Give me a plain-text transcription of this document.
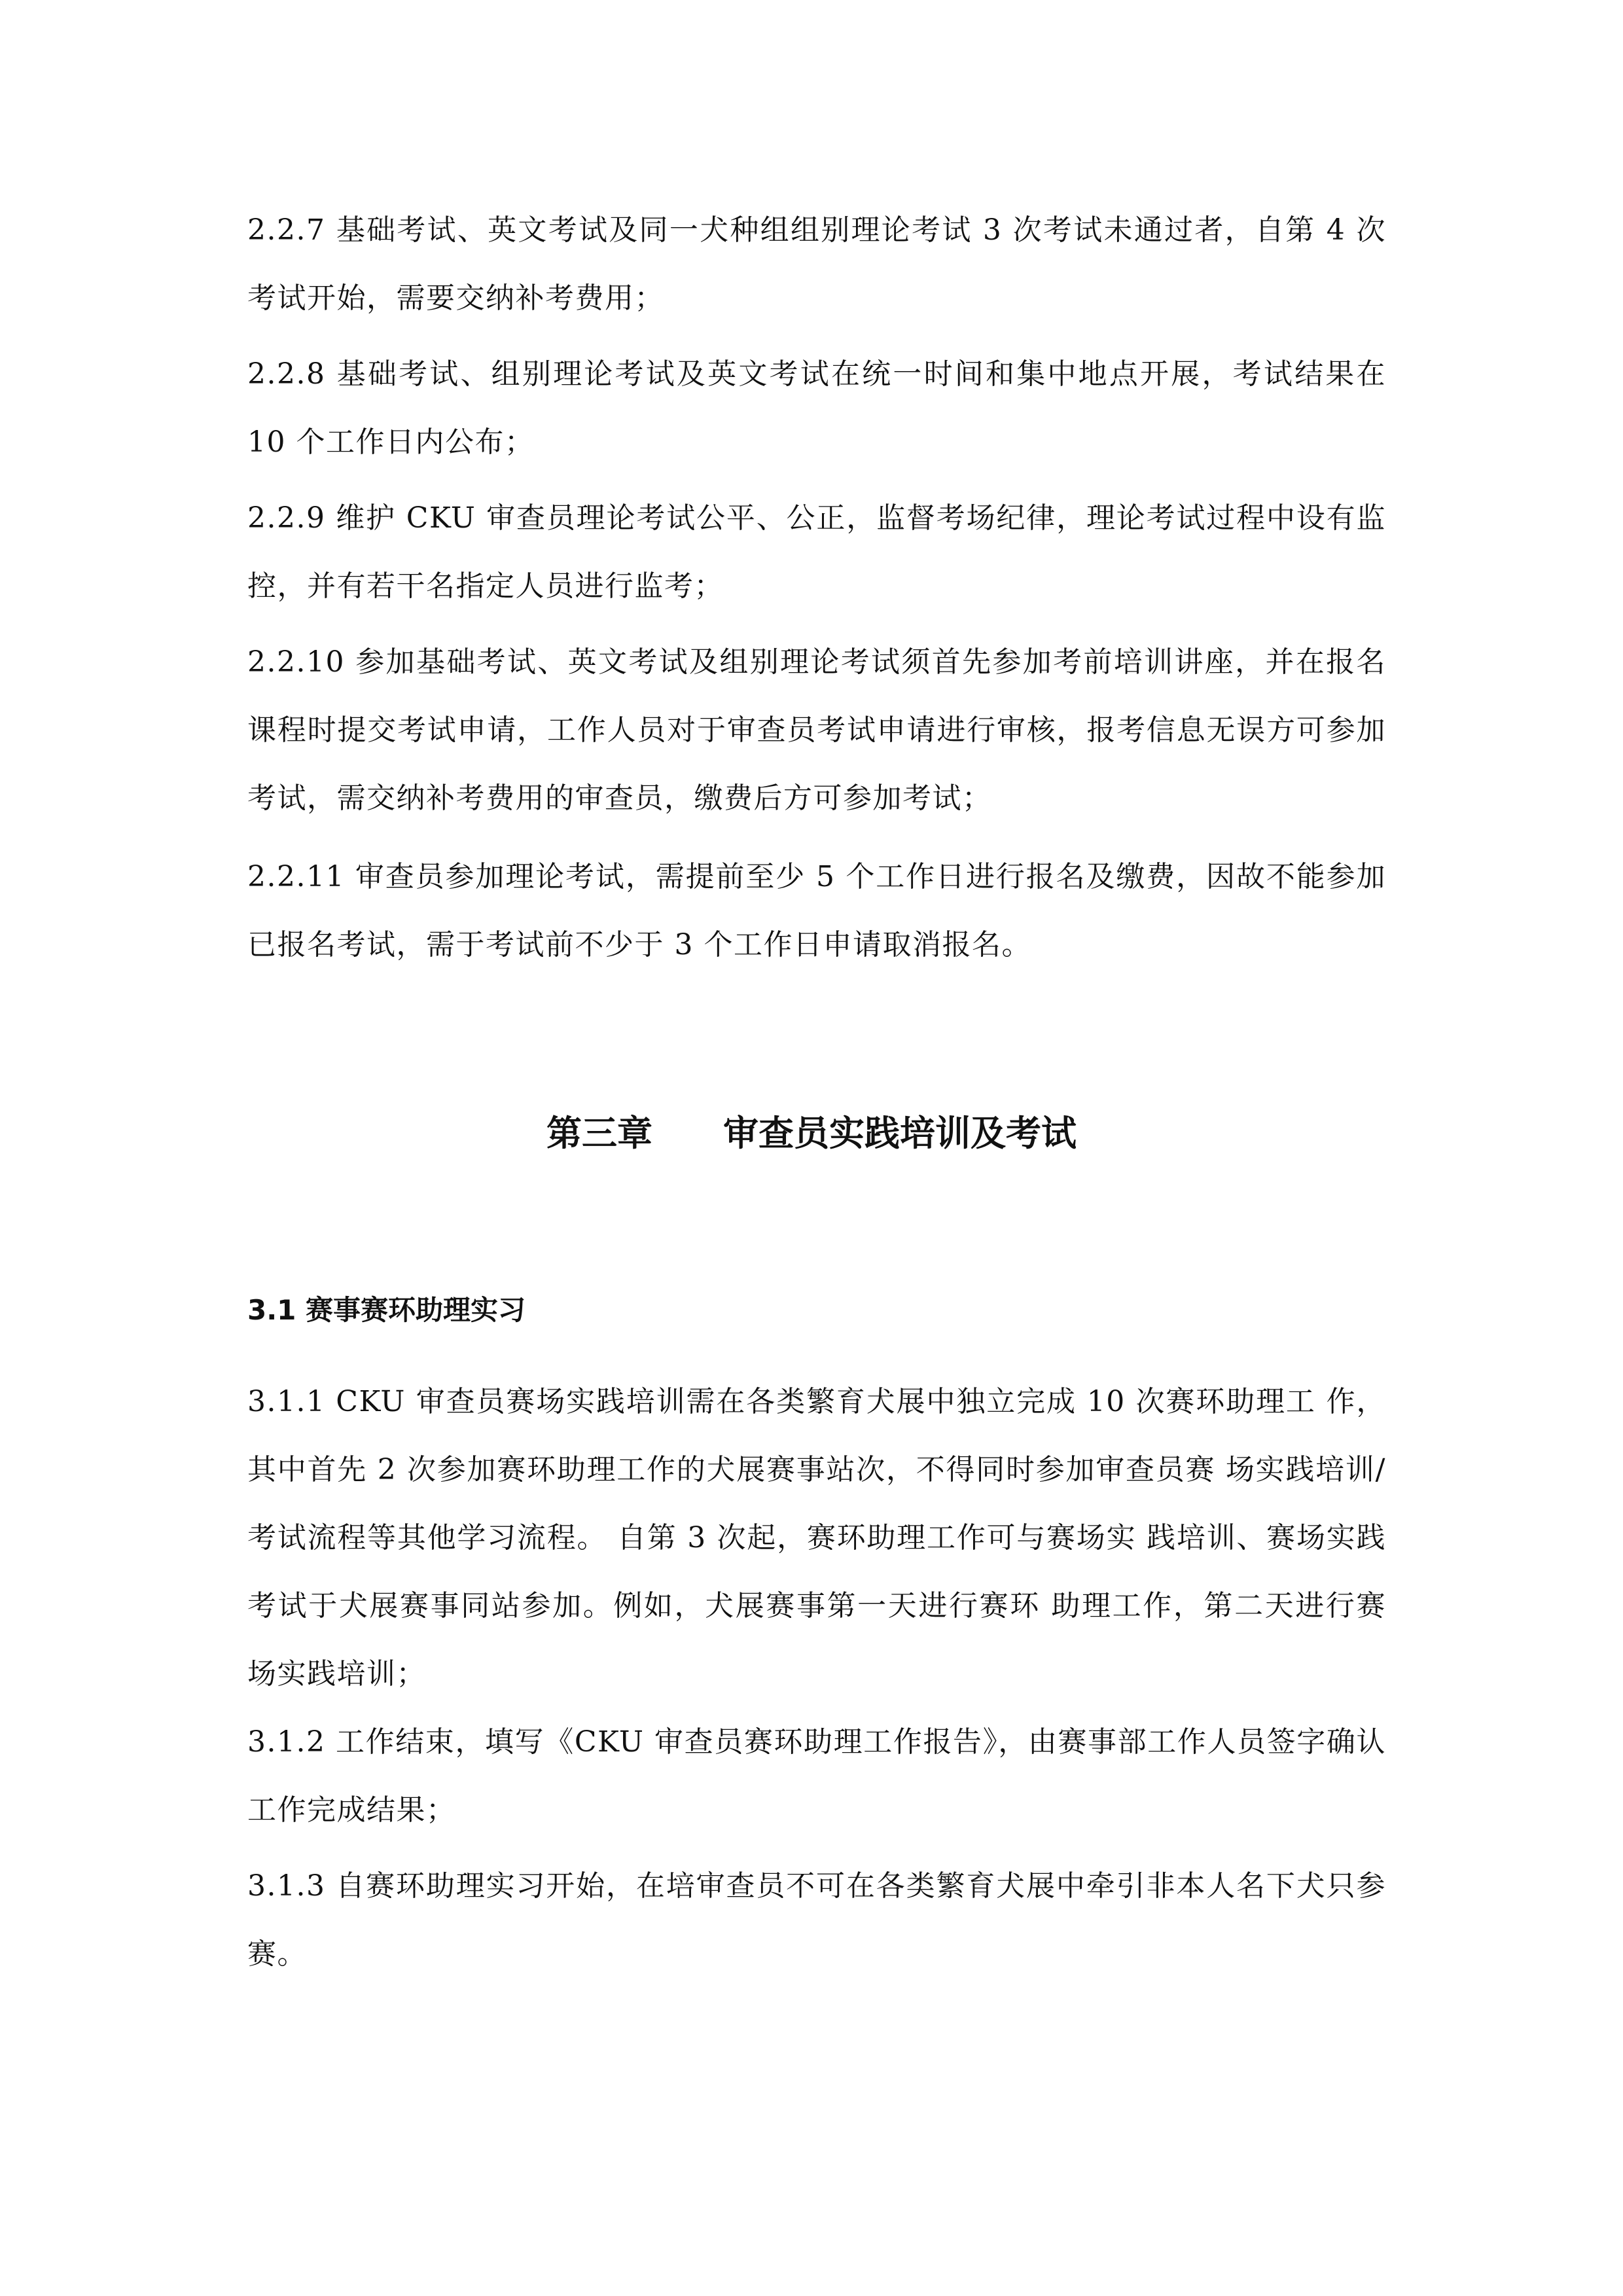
2.2.7 基础考试、英文考试及同一犬种组组别理论考试 3 次考试未通过者，自第 4 次考试开始，需要交纳补考费用；

2.2.8 基础考试、组别理论考试及英文考试在统一时间和集中地点开展，考试结果在 10 个工作日内公布；

2.2.9 维护 CKU 审查员理论考试公平、公正，监督考场纪律，理论考试过程中设有监控，并有若干名指定人员进行监考；

2.2.10 参加基础考试、英文考试及组别理论考试须首先参加考前培训讲座，并在报名课程时提交考试申请，工作人员对于审查员考试申请进行审核，报考信息无误方可参加考试，需交纳补考费用的审查员，缴费后方可参加考试；

2.2.11 审查员参加理论考试，需提前至少 5 个工作日进行报名及缴费，因故不能参加已报名考试，需于考试前不少于 3 个工作日申请取消报名。

第三章　　审查员实践培训及考试
3.1 赛事赛环助理实习

3.1.1 CKU 审查员赛场实践培训需在各类繁育犬展中独立完成 10 次赛环助理工 作，其中首先 2 次参加赛环助理工作的犬展赛事站次，不得同时参加审查员赛 场实践培训/考试流程等其他学习流程。 自第 3 次起，赛环助理工作可与赛场实 践培训、赛场实践考试于犬展赛事同站参加。例如，犬展赛事第一天进行赛环 助理工作，第二天进行赛场实践培训；

3.1.2 工作结束，填写《CKU 审查员赛环助理工作报告》，由赛事部工作人员签字确认工作完成结果；

3.1.3 自赛环助理实习开始，在培审查员不可在各类繁育犬展中牵引非本人名下犬只参赛。
